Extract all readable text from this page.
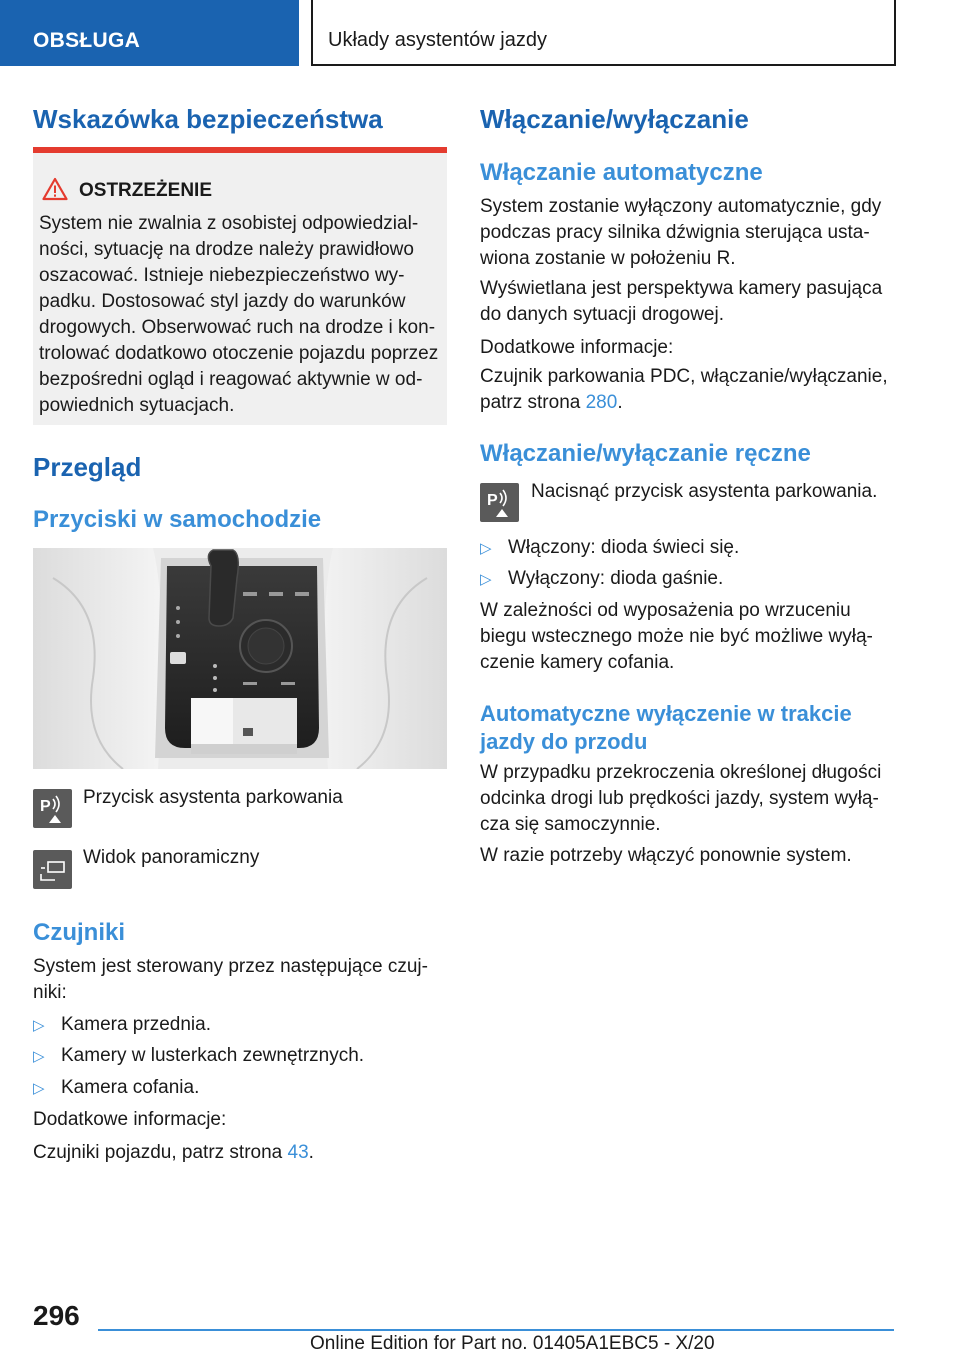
OBSŁUGA	Układy asystentów jazdy
Wskazówka bezpieczeństwa
OSTRZEŻENIE
System nie zwalnia z osobistej odpowiedzialności, sytuację na drodze należy prawidłowo oszacować. Istnieje niebezpieczeństwo wypadku. Dostosować styl jazdy do warunków drogowych. Obserwować ruch na drodze i kontrolować dodatkowo otoczenie pojazdu poprzez bezpośredni ogląd i reagować aktywnie w odpowiednich sytuacjach.
Przegląd
Przyciski w samochodzie
P Przycisk asystenta parkowania
Widok panoramiczny
Czujniki

System jest sterowany przez następujące czujniki:

▷ Kamera przednia.
▷ Kamery w lusterkach zewnętrznych.
▷ Kamera cofania.

Dodatkowe informacje:

Czujniki pojazdu, patrz strona 43.

Włączanie/wyłączanie
Włączanie automatyczne

System zostanie wyłączony automatycznie, gdy podczas pracy silnika dźwignia sterująca ustawiona zostanie w położeniu R.

Wyświetlana jest perspektywa kamery pasująca do danych sytuacji drogowej.

Dodatkowe informacje:

Czujnik parkowania PDC, włączanie/wyłączanie, patrz strona 280.

Włączanie/wyłączanie ręczne
P Nacisnąć przycisk asystenta parkowania.
▷ Włączony: dioda świeci się.
▷ Wyłączony: dioda gaśnie.

W zależności od wyposażenia po wrzuceniu biegu wstecznego może nie być możliwe wyłączenie kamery cofania.

Automatyczne wyłączenie w trakcie jazdy do przodu

W przypadku przekroczenia określonej długości odcinka drogi lub prędkości jazdy, system wyłącza się samoczynnie.

W razie potrzeby włączyć ponownie system.

296
Online Edition for Part no. 01405A1EBC5 - X/20
